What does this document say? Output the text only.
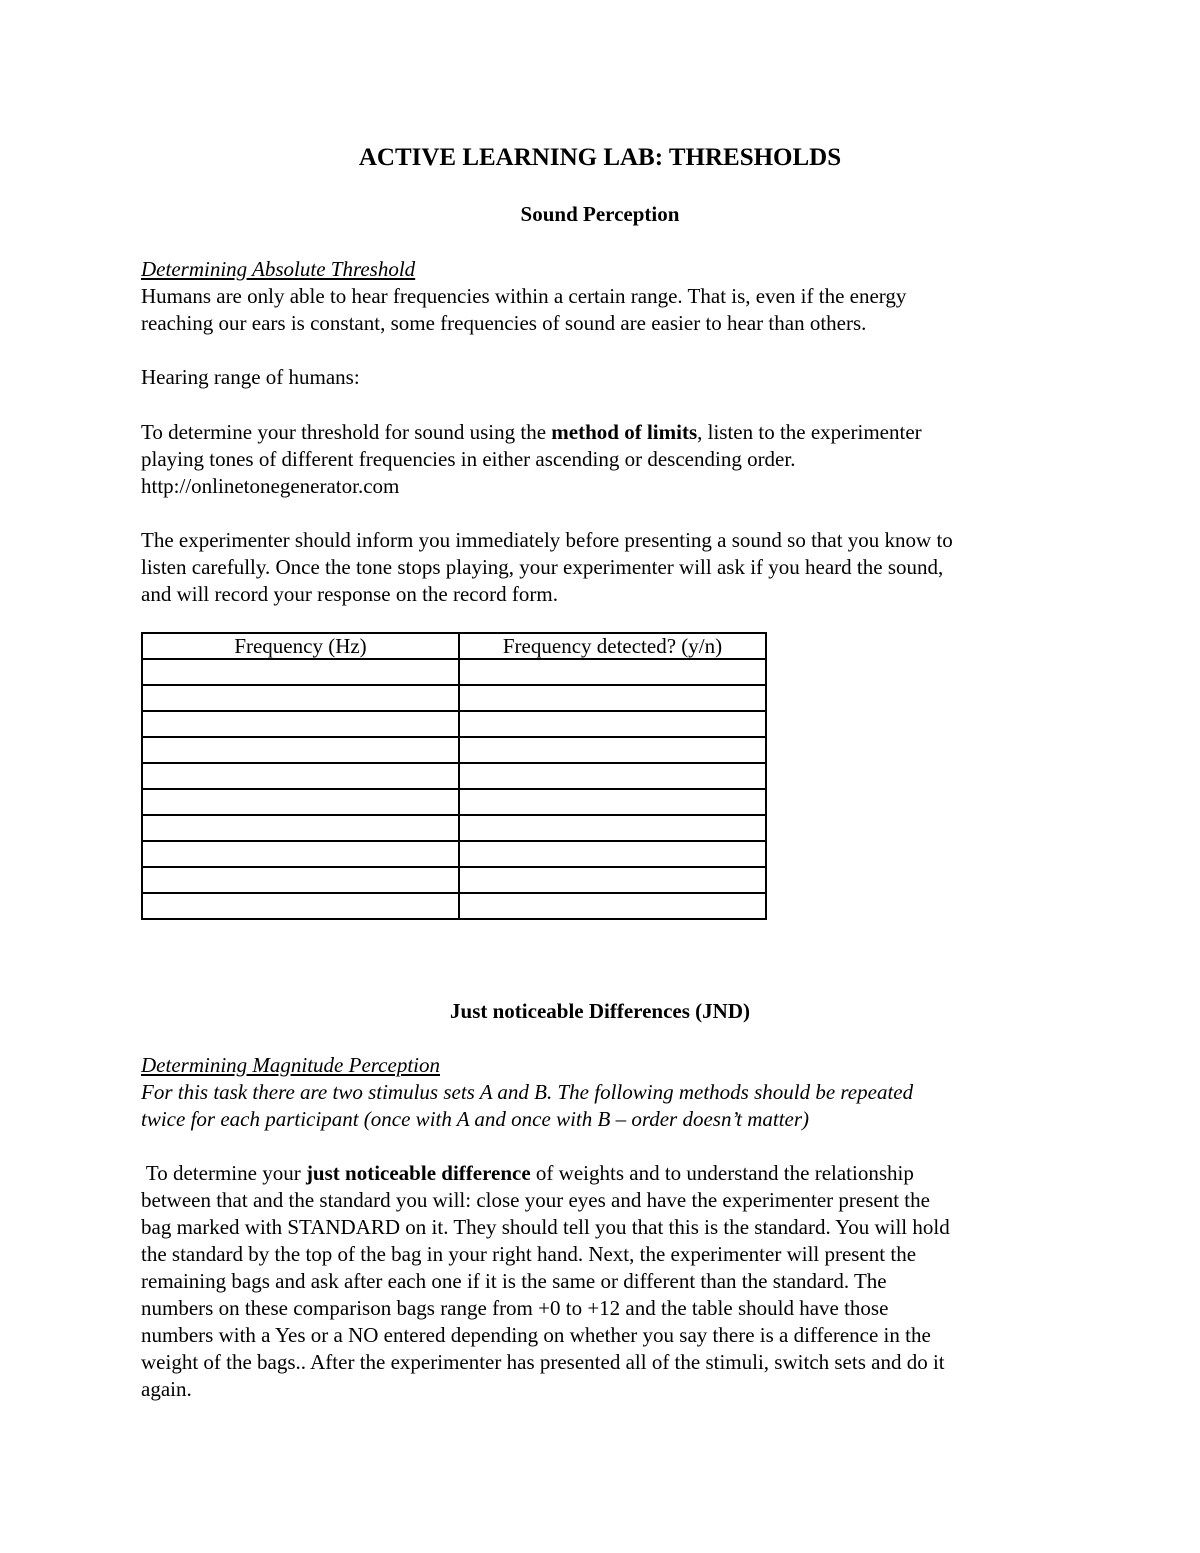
ACTIVE LEARNING LAB: THRESHOLDS
Sound Perception
Determining Absolute Threshold
Humans are only able to hear frequencies within a certain range. That is, even if the energy
reaching our ears is constant, some frequencies of sound are easier to hear than others.
Hearing range of humans:
To determine your threshold for sound using the method of limits, listen to the experimenter
playing tones of different frequencies in either ascending or descending order.
http://onlinetonegenerator.com
The experimenter should inform you immediately before presenting a sound so that you know to
listen carefully. Once the tone stops playing, your experimenter will ask if you heard the sound,
and will record your response on the record form.
Frequency (Hz)	Frequency detected? (y/n)

Just noticeable Differences (JND)
Determining Magnitude Perception
For this task there are two stimulus sets A and B. The following methods should be repeated
twice for each participant (once with A and once with B – order doesn’t matter)
To determine your just noticeable difference of weights and to understand the relationship
between that and the standard you will: close your eyes and have the experimenter present the
bag marked with STANDARD on it. They should tell you that this is the standard. You will hold
the standard by the top of the bag in your right hand. Next, the experimenter will present the
remaining bags and ask after each one if it is the same or different than the standard. The
numbers on these comparison bags range from +0 to +12 and the table should have those
numbers with a Yes or a NO entered depending on whether you say there is a difference in the
weight of the bags.. After the experimenter has presented all of the stimuli, switch sets and do it
again.
